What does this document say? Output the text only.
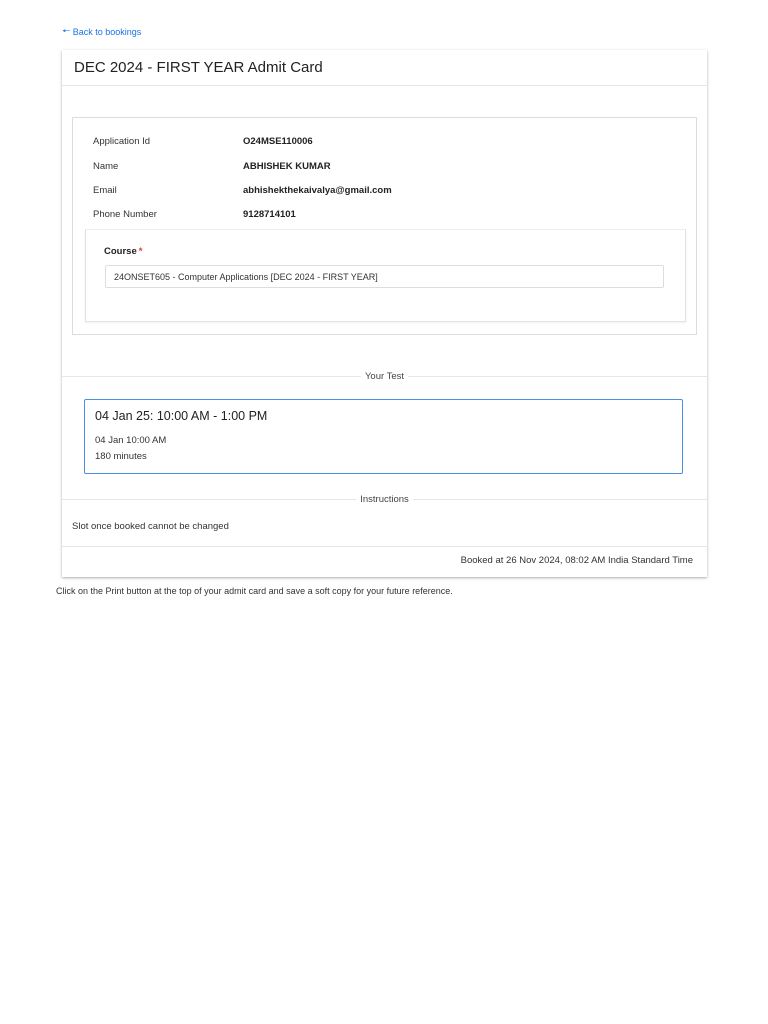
🠔 Back to bookings
DEC 2024 - FIRST YEAR Admit Card
Application Id	O24MSE110006
Name	ABHISHEK KUMAR
Email	abhishekthekaivalya@gmail.com
Phone Number	9128714101
Course *
24ONSET605 - Computer Applications [DEC 2024 - FIRST YEAR]
Your Test
04 Jan 25: 10:00 AM - 1:00 PM
04 Jan 10:00 AM
180 minutes
Instructions
Slot once booked cannot be changed
Booked at 26 Nov 2024, 08:02 AM India Standard Time
Click on the Print button at the top of your admit card and save a soft copy for your future reference.
